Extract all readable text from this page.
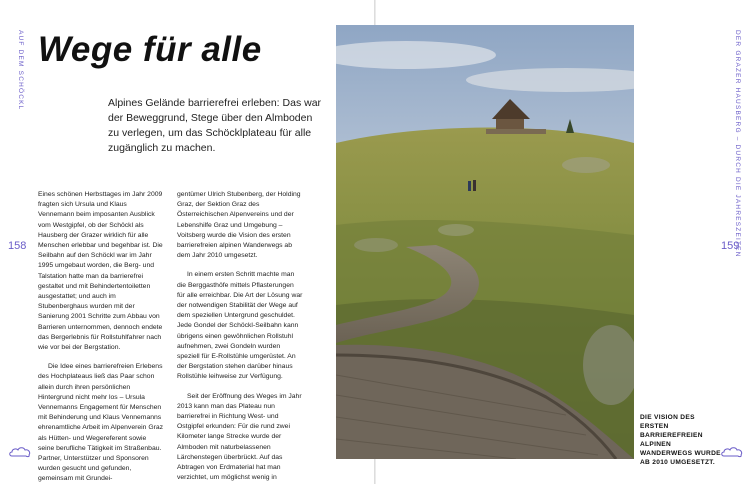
AUF DEM SCHÖCKL
158
Wege für alle

Alpines Gelände barrierefrei erleben: Das war der Beweggrund, Stege über den Almboden zu verlegen, um das Schöcklplateau für alle zugänglich zu machen.

Eines schönen Herbsttages im Jahr 2009 fragten sich Ursula und Klaus Vennemann beim imposanten Ausblick vom Westgipfel, ob der Schöckl als Hausberg der Grazer wirklich für alle Menschen erlebbar und begehbar ist. Die Seilbahn auf den Schöckl war im Jahr 1995 umgebaut worden, die Berg- und Talstation hatte man da barrierefrei gestaltet und mit Behindertentoiletten ausgestattet; und auch im Stubenberghaus wurden mit der Sanierung 2001 Schritte zum Abbau von Barrieren unternommen, dennoch endete das Bergerlebnis für Rollstuhlfahrer nach wie vor bei der Bergstation.

Die Idee eines barrierefreien Erlebens des Hochplateaus ließ das Paar schon allein durch ihren persönlichen Hintergrund nicht mehr los – Ursula Vennemanns Engagement für Menschen mit Behinderung und Klaus Vennemanns ehrenamtliche Arbeit im Alpenverein Graz als Hütten- und Wegereferent sowie seine berufliche Tätigkeit im Straßenbau. Partner, Unterstützer und Sponsoren wurden gesucht und gefunden, gemeinsam mit Grundei-

gentümer Ulrich Stubenberg, der Holding Graz, der Sektion Graz des Österreichischen Alpenvereins und der Lebenshilfe Graz und Umgebung – Voitsberg wurde die Vision des ersten barrierefreien alpinen Wanderwegs ab dem Jahr 2010 umgesetzt.

In einem ersten Schritt machte man die Berggasthöfe mittels Pflasterungen für alle erreichbar. Die Art der Lösung war der notwendigen Stabilität der Wege auf dem speziellen Untergrund geschuldet. Jede Gondel der Schöckl-Seilbahn kann übrigens einen gewöhnlichen Rollstuhl aufnehmen, zwei Gondeln wurden speziell für E-Rollstühle umgerüstet. An der Bergstation stehen darüber hinaus Rollstühle leihweise zur Verfügung.

Seit der Eröffnung des Weges im Jahr 2013 kann man das Plateau nun barrierefrei in Richtung West- und Ostgipfel erkunden: Für die rund zwei Kilometer lange Strecke wurde der Almboden mit naturbelassenen Lärchenstegen überbrückt. Auf das Abtragen von Erdmaterial hat man verzichtet, um möglichst wenig in

DIE VISION DES ERSTEN BARRIEREFREIEN ALPINEN WANDERWEGS WURDE AB 2010 UMGESETZT.
DER GRAZER HAUSBERG – DURCH DIE JAHRESZEITEN
159
